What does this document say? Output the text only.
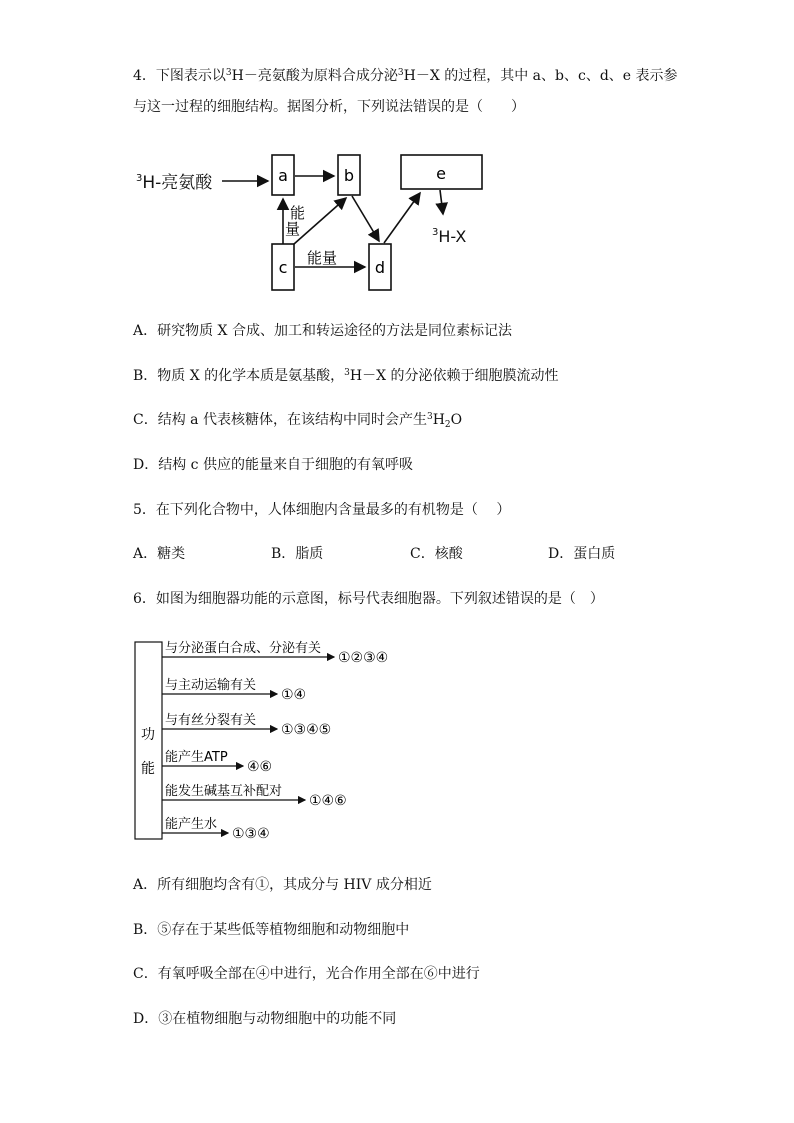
4．下图表示以$^3$H－亮氨酸为原料合成分泌$^3$H－X 的过程，其中 a、b、c、d、e 表示参
与这一过程的细胞结构。据图分析，下列说法错误的是（　　）
$^3$H-亮氨酸	a	b	e
c	d
能
量
能量
$^3$H-X
A．研究物质 X 合成、加工和转运途径的方法是同位素标记法
B．物质 X 的化学本质是氨基酸，$^3$H－X 的分泌依赖于细胞膜流动性
C．结构 a 代表核糖体，在该结构中同时会产生$^3H_2O$
D．结构 c 供应的能量来自于细胞的有氧呼吸
5．在下列化合物中，人体细胞内含量最多的有机物是（　 ）
A．糖类	B．脂质	C．核酸	D．蛋白质
6．如图为细胞器功能的示意图，标号代表细胞器。下列叙述错误的是（　）
功
能
与分泌蛋白合成、分泌有关
①②③④
与主动运输有关
①④
与有丝分裂有关
①③④⑤
能产生ATP
④⑥
能发生碱基互补配对
①④⑥
能产生水
①③④
A．所有细胞均含有①，其成分与 HIV 成分相近
B．⑤存在于某些低等植物细胞和动物细胞中
C．有氧呼吸全部在④中进行，光合作用全部在⑥中进行
D．③在植物细胞与动物细胞中的功能不同
